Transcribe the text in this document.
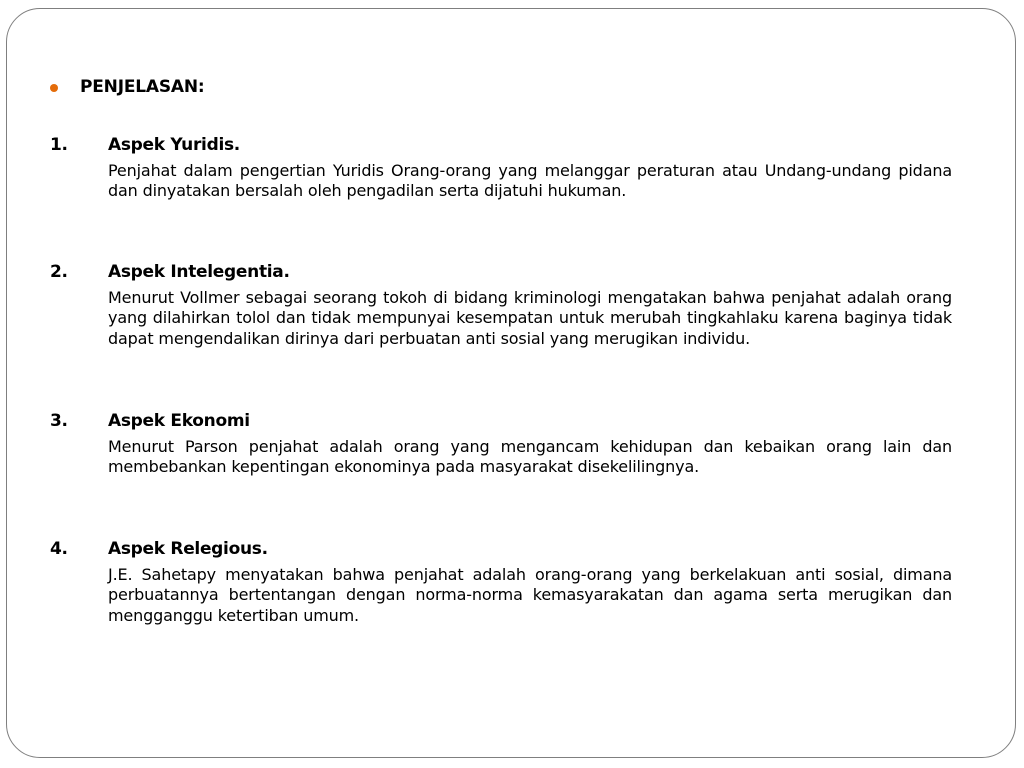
PENJELASAN:
1.	Aspek Yuridis.
Penjahat dalam pengertian Yuridis Orang-orang yang melanggar peraturan atau Undang-undang pidana dan dinyatakan bersalah oleh pengadilan serta dijatuhi hukuman.
2.	Aspek Intelegentia.
Menurut Vollmer sebagai seorang tokoh di bidang kriminologi mengatakan bahwa penjahat adalah orang yang dilahirkan tolol dan tidak mempunyai kesempatan untuk merubah tingkahlaku karena baginya tidak dapat mengendalikan dirinya dari perbuatan anti sosial yang merugikan individu.
3.	Aspek Ekonomi
Menurut Parson penjahat adalah orang yang mengancam kehidupan dan kebaikan orang lain dan membebankan kepentingan ekonominya pada masyarakat disekelilingnya.
4.	Aspek Relegious.
J.E. Sahetapy menyatakan bahwa penjahat adalah orang-orang yang berkelakuan anti sosial, dimana perbuatannya bertentangan dengan norma-norma kemasyarakatan dan agama serta merugikan dan mengganggu ketertiban umum.
